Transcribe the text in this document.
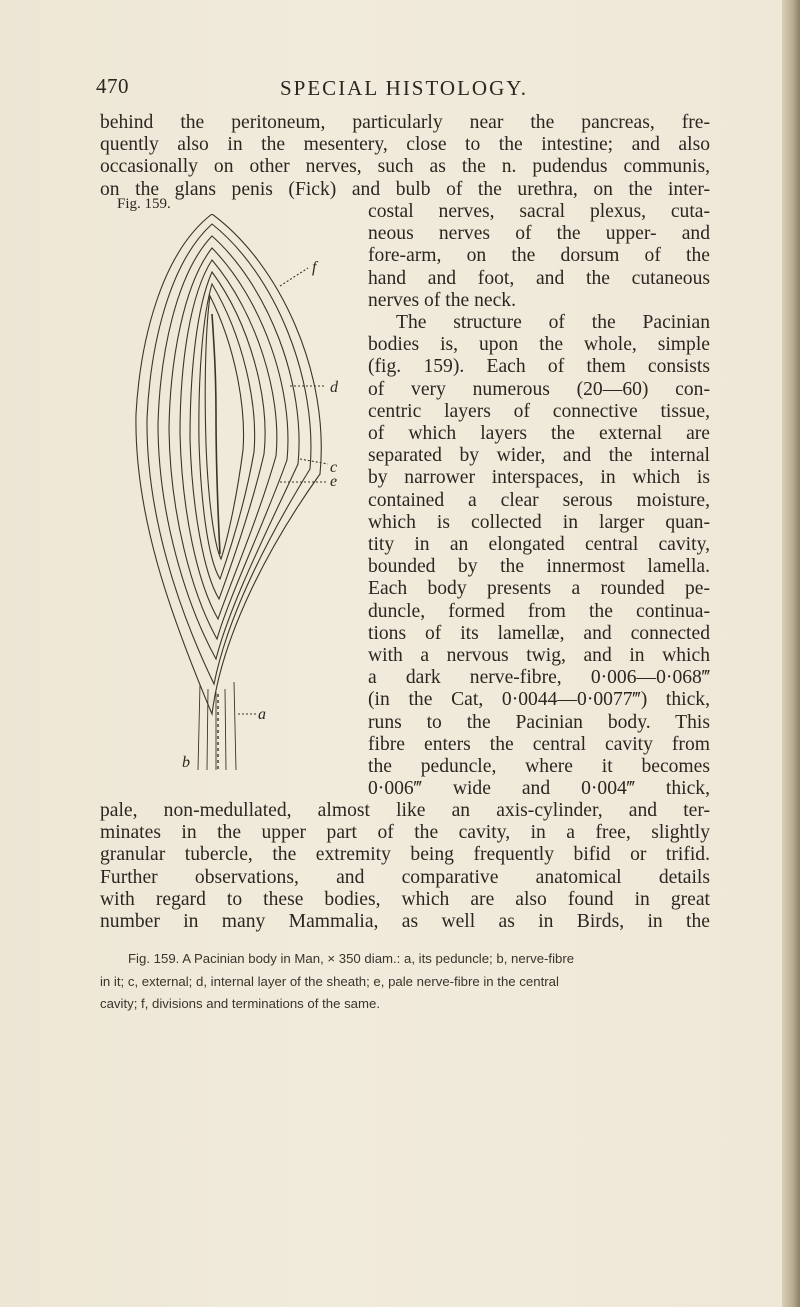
470	SPECIAL HISTOLOGY.
behind the peritoneum, particularly near the pancreas, fre-
quently also in the mesentery, close to the intestine; and also
occasionally on other nerves, such as the n. pudendus communis,
on the glans penis (Fick) and bulb of the urethra, on the inter-
Fig. 159.	costal nerves, sacral plexus, cuta-
neous nerves of the upper- and
fore-arm, on the dorsum of the
hand and foot, and the cutaneous
nerves of the neck.
The structure of the Pacinian
bodies is, upon the whole, simple
(fig. 159). Each of them consists
of very numerous (20—60) con-
centric layers of connective tissue,
of which layers the external are
separated by wider, and the internal
by narrower interspaces, in which is
contained a clear serous moisture,
which is collected in larger quan-
tity in an elongated central cavity,
bounded by the innermost lamella.
Each body presents a rounded pe-
duncle, formed from the continua-
tions of its lamellæ, and connected
with a nervous twig, and in which
a dark nerve-fibre, 0·006—0·068‴
(in the Cat, 0·0044—0·0077‴) thick,
runs to the Pacinian body. This
fibre enters the central cavity from
the peduncle, where it becomes
0·006‴ wide and 0·004‴ thick,
f
d
c
e
a
b
pale, non-medullated, almost like an axis-cylinder, and ter-
minates in the upper part of the cavity, in a free, slightly
granular tubercle, the extremity being frequently bifid or trifid.
Further observations, and comparative anatomical details
with regard to these bodies, which are also found in great
number in many Mammalia, as well as in Birds, in the
Fig. 159. A Pacinian body in Man, × 350 diam.: a, its peduncle; b, nerve-fibre
in it; c, external; d, internal layer of the sheath; e, pale nerve-fibre in the central
cavity; f, divisions and terminations of the same.
